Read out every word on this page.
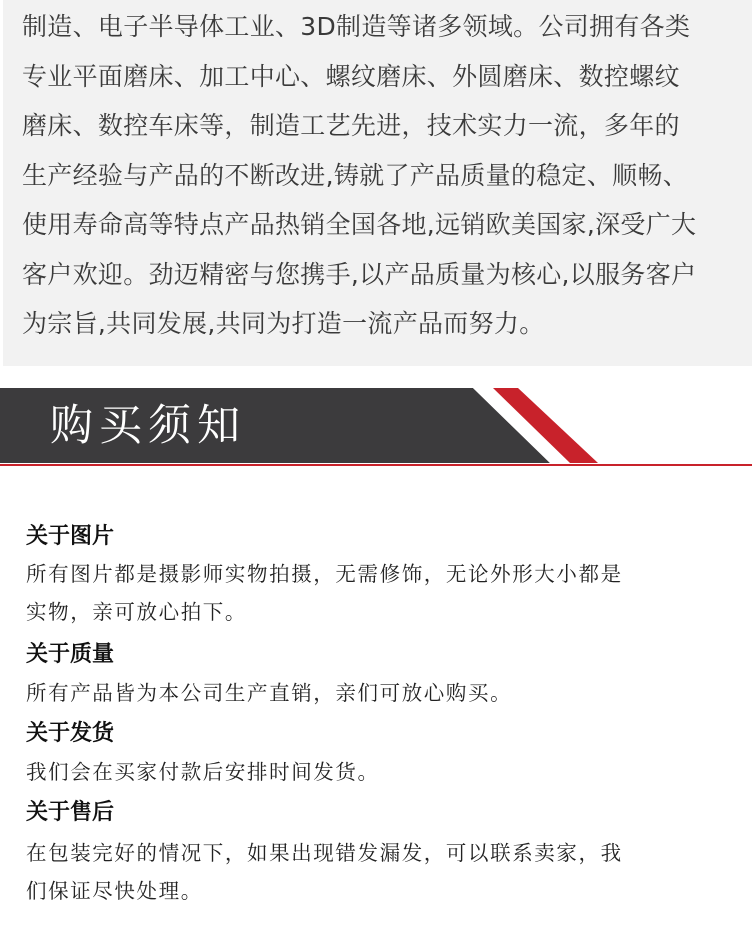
制造、电子半导体工业、3D制造等诸多领域。公司拥有各类
专业平面磨床、加工中心、螺纹磨床、外圆磨床、数控螺纹
磨床、数控车床等，制造工艺先进，技术实力一流，多年的
生产经验与产品的不断改进,铸就了产品质量的稳定、顺畅、
使用寿命高等特点产品热销全国各地,远销欧美国家,深受广大
客户欢迎。劲迈精密与您携手,以产品质量为核心,以服务客户
为宗旨,共同发展,共同为打造一流产品而努力。

购买须知
关于图片

所有图片都是摄影师实物拍摄，无需修饰，无论外形大小都是
实物，亲可放心拍下。

关于质量

所有产品皆为本公司生产直销，亲们可放心购买。

关于发货

我们会在买家付款后安排时间发货。

关于售后

在包装完好的情况下，如果出现错发漏发，可以联系卖家，我
们保证尽快处理。
